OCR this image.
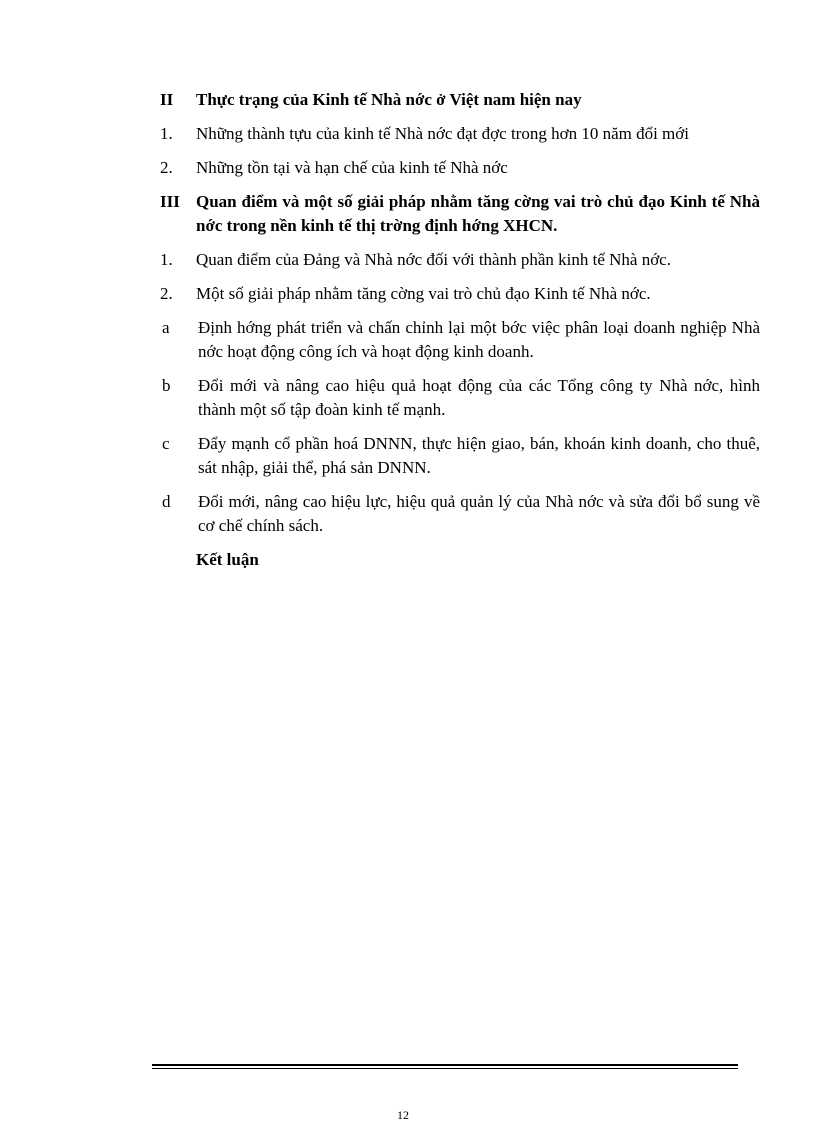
II	Thực trạng của Kinh tế Nhà nớc ở Việt nam hiện nay
1.	Những thành tựu của kinh tế Nhà nớc đạt đợc trong hơn 10 năm đổi mới
2.	Những tồn tại và hạn chế của kinh tế Nhà nớc
III Quan điểm và một số giải pháp nhằm tăng cờng vai trò chủ đạo Kinh tế Nhà nớc trong nền kinh tế thị trờng định hớng XHCN.
1.	Quan điểm của Đảng và Nhà nớc đối với thành phần kinh tế Nhà nớc.
2.	Một số giải pháp nhằm tăng cờng vai trò chủ đạo Kinh tế Nhà nớc.
a	Định hớng phát triển và chấn chỉnh lại một bớc việc phân loại doanh nghiệp Nhà nớc hoạt động công ích và hoạt động kinh doanh.
b	Đổi mới và nâng cao hiệu quả hoạt động của các Tổng công ty Nhà nớc, hình thành một số tập đoàn kinh tế mạnh.
c	Đẩy mạnh cổ phần hoá DNNN, thực hiện giao, bán, khoán kinh doanh, cho thuê, sát nhập, giải thể, phá sản DNNN.
d	Đổi mới, nâng cao hiệu lực, hiệu quả quản lý của Nhà nớc và sửa đổi bổ sung về cơ chế chính sách.
Kết luận
12
